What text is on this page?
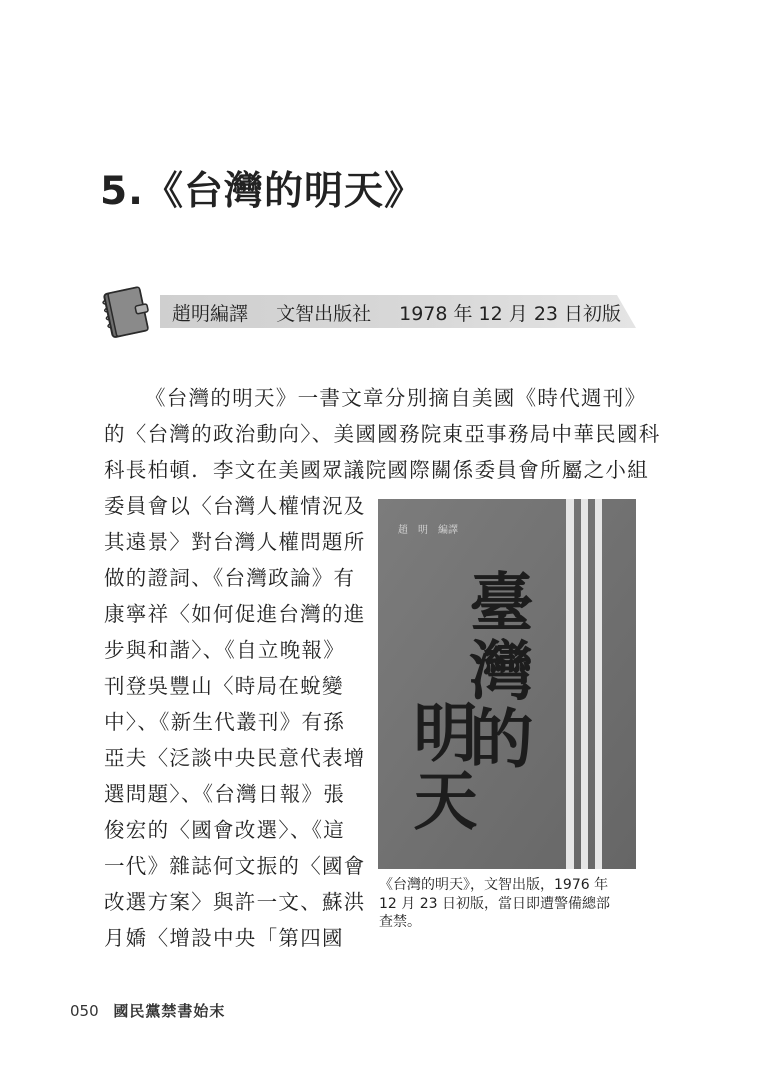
5.《台灣的明天》
趙明編譯 文智出版社 1978 年 12 月 23 日初版
《台灣的明天》一書文章分別摘自美國《時代週刊》
的〈台灣的政治動向〉、美國國務院東亞事務局中華民國科
科長柏頓．李文在美國眾議院國際關係委員會所屬之小組
委員會以〈台灣人權情況及
其遠景〉對台灣人權問題所
做的證詞、《台灣政論》有
康寧祥〈如何促進台灣的進
步與和諧〉、《自立晚報》
刊登吳豐山〈時局在蛻變
中〉、《新生代叢刊》有孫
亞夫〈泛談中央民意代表增
選問題〉、《台灣日報》張
俊宏的〈國會改選〉、《這
一代》雜誌何文振的〈國會
改選方案〉與許一文、蘇洪
月嬌〈增設中央「第四國
趙　明　編譯
臺灣的
明天
《台灣的明天》，文智出版，1976 年
12 月 23 日初版，當日即遭警備總部
查禁。
050 國民黨禁書始末
